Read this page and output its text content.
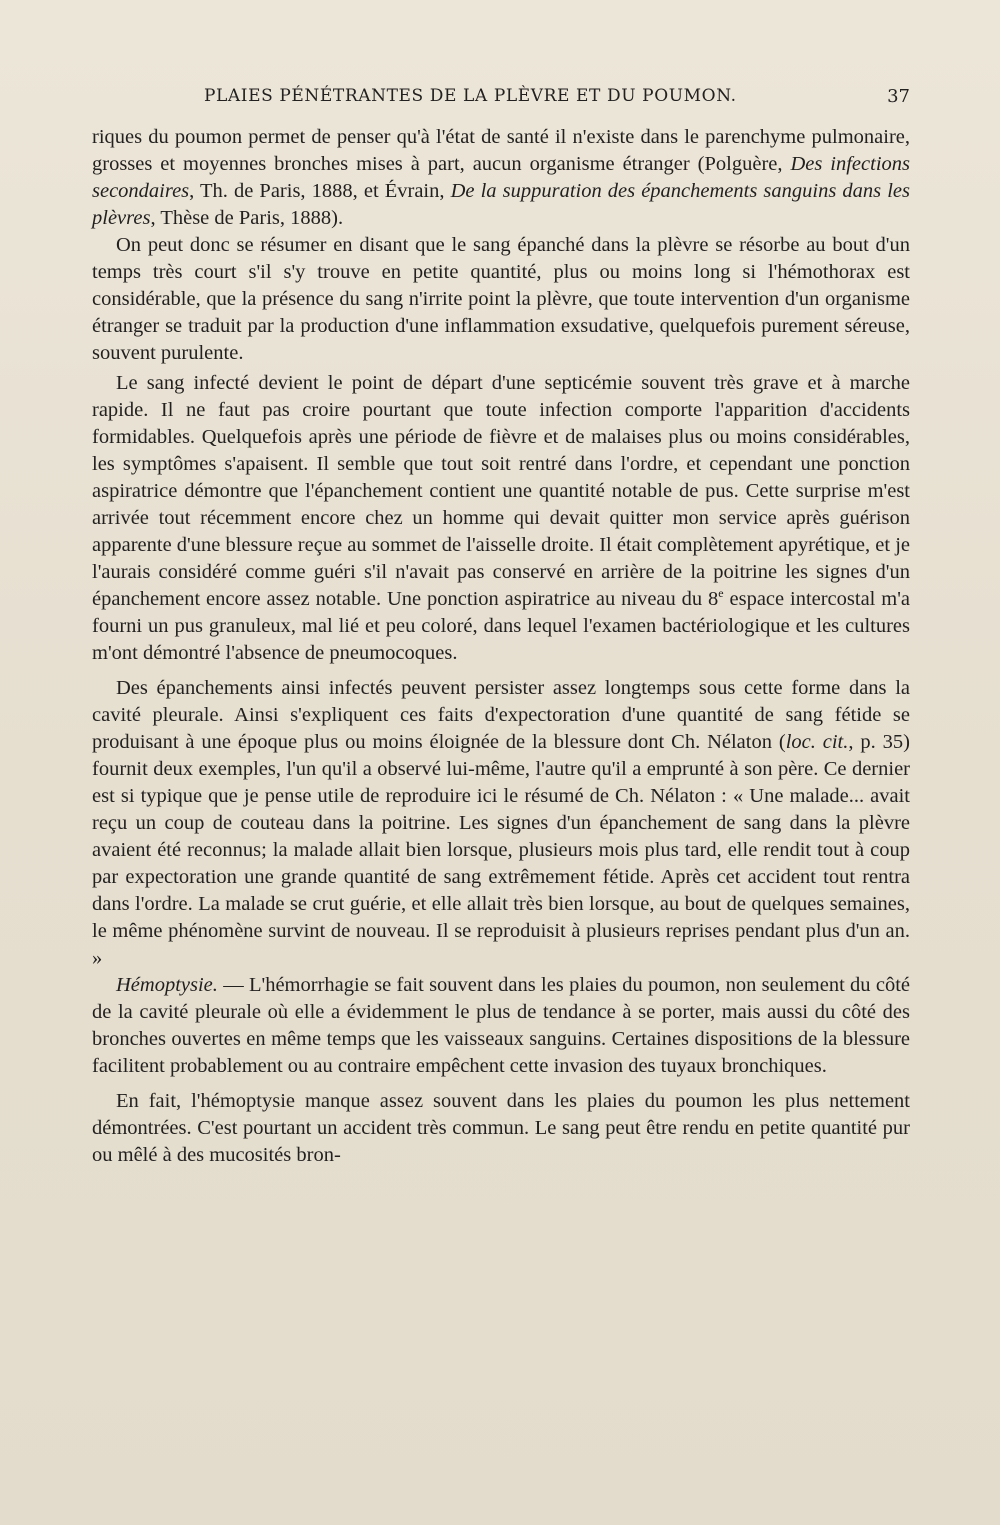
PLAIES PÉNÉTRANTES DE LA PLÈVRE ET DU POUMON.	37

riques du poumon permet de penser qu'à l'état de santé il n'existe dans le parenchyme pulmonaire, grosses et moyennes bronches mises à part, aucun organisme étranger (Polguère, Des infections secondaires, Th. de Paris, 1888, et Évrain, De la suppuration des épanchements sanguins dans les plèvres, Thèse de Paris, 1888).

On peut donc se résumer en disant que le sang épanché dans la plèvre se résorbe au bout d'un temps très court s'il s'y trouve en petite quantité, plus ou moins long si l'hémothorax est considérable, que la présence du sang n'irrite point la plèvre, que toute intervention d'un organisme étranger se traduit par la production d'une inflammation exsudative, quelquefois purement séreuse, souvent purulente.

Le sang infecté devient le point de départ d'une septicémie souvent très grave et à marche rapide. Il ne faut pas croire pourtant que toute infection comporte l'apparition d'accidents formidables. Quelquefois après une période de fièvre et de malaises plus ou moins considérables, les symptômes s'apaisent. Il semble que tout soit rentré dans l'ordre, et cependant une ponction aspiratrice démontre que l'épanchement contient une quantité notable de pus. Cette surprise m'est arrivée tout récemment encore chez un homme qui devait quitter mon service après guérison apparente d'une blessure reçue au sommet de l'aisselle droite. Il était complètement apyrétique, et je l'aurais considéré comme guéri s'il n'avait pas conservé en arrière de la poitrine les signes d'un épanchement encore assez notable. Une ponction aspiratrice au niveau du 8e espace intercostal m'a fourni un pus granuleux, mal lié et peu coloré, dans lequel l'examen bactériologique et les cultures m'ont démontré l'absence de pneumocoques.

Des épanchements ainsi infectés peuvent persister assez longtemps sous cette forme dans la cavité pleurale. Ainsi s'expliquent ces faits d'expectoration d'une quantité de sang fétide se produisant à une époque plus ou moins éloignée de la blessure dont Ch. Nélaton (loc. cit., p. 35) fournit deux exemples, l'un qu'il a observé lui-même, l'autre qu'il a emprunté à son père. Ce dernier est si typique que je pense utile de reproduire ici le résumé de Ch. Nélaton : « Une malade... avait reçu un coup de couteau dans la poitrine. Les signes d'un épanchement de sang dans la plèvre avaient été reconnus; la malade allait bien lorsque, plusieurs mois plus tard, elle rendit tout à coup par expectoration une grande quantité de sang extrêmement fétide. Après cet accident tout rentra dans l'ordre. La malade se crut guérie, et elle allait très bien lorsque, au bout de quelques semaines, le même phénomène survint de nouveau. Il se reproduisit à plusieurs reprises pendant plus d'un an. »

Hémoptysie. — L'hémorrhagie se fait souvent dans les plaies du poumon, non seulement du côté de la cavité pleurale où elle a évidemment le plus de tendance à se porter, mais aussi du côté des bronches ouvertes en même temps que les vaisseaux sanguins. Certaines dispositions de la blessure facilitent probablement ou au contraire empêchent cette invasion des tuyaux bronchiques.

En fait, l'hémoptysie manque assez souvent dans les plaies du poumon les plus nettement démontrées. C'est pourtant un accident très commun. Le sang peut être rendu en petite quantité pur ou mêlé à des mucosités bron-
